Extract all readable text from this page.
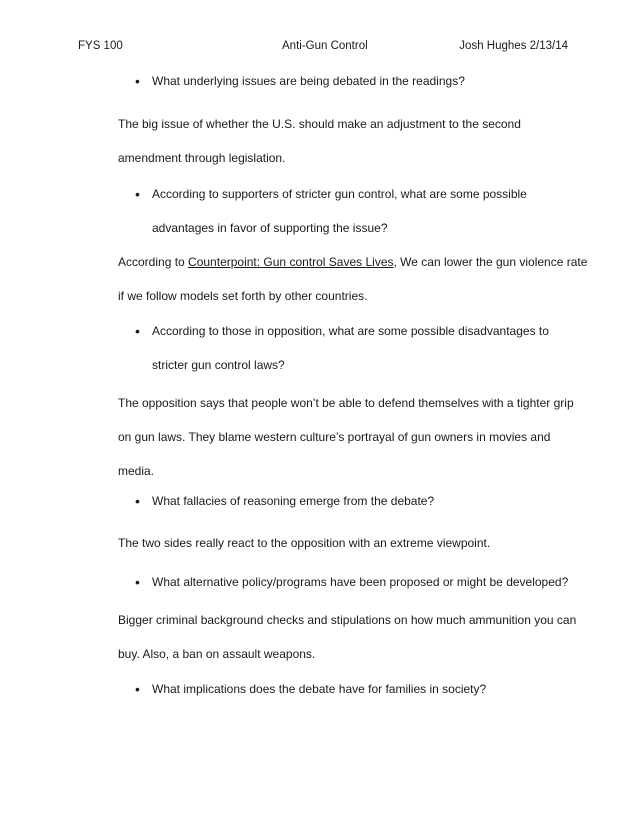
FYS 100	Anti-Gun Control	Josh Hughes 2/13/14
• What underlying issues are being debated in the readings?
The big issue of whether the U.S. should make an adjustment to the second
amendment through legislation.
• According to supporters of stricter gun control, what are some possible
advantages in favor of supporting the issue?
According to Counterpoint: Gun control Saves Lives, We can lower the gun violence rate
if we follow models set forth by other countries.
• According to those in opposition, what are some possible disadvantages to
stricter gun control laws?
The opposition says that people won’t be able to defend themselves with a tighter grip
on gun laws. They blame western culture’s portrayal of gun owners in movies and
media.
• What fallacies of reasoning emerge from the debate?
The two sides really react to the opposition with an extreme viewpoint.
• What alternative policy/programs have been proposed or might be developed?
Bigger criminal background checks and stipulations on how much ammunition you can
buy. Also, a ban on assault weapons.
• What implications does the debate have for families in society?
